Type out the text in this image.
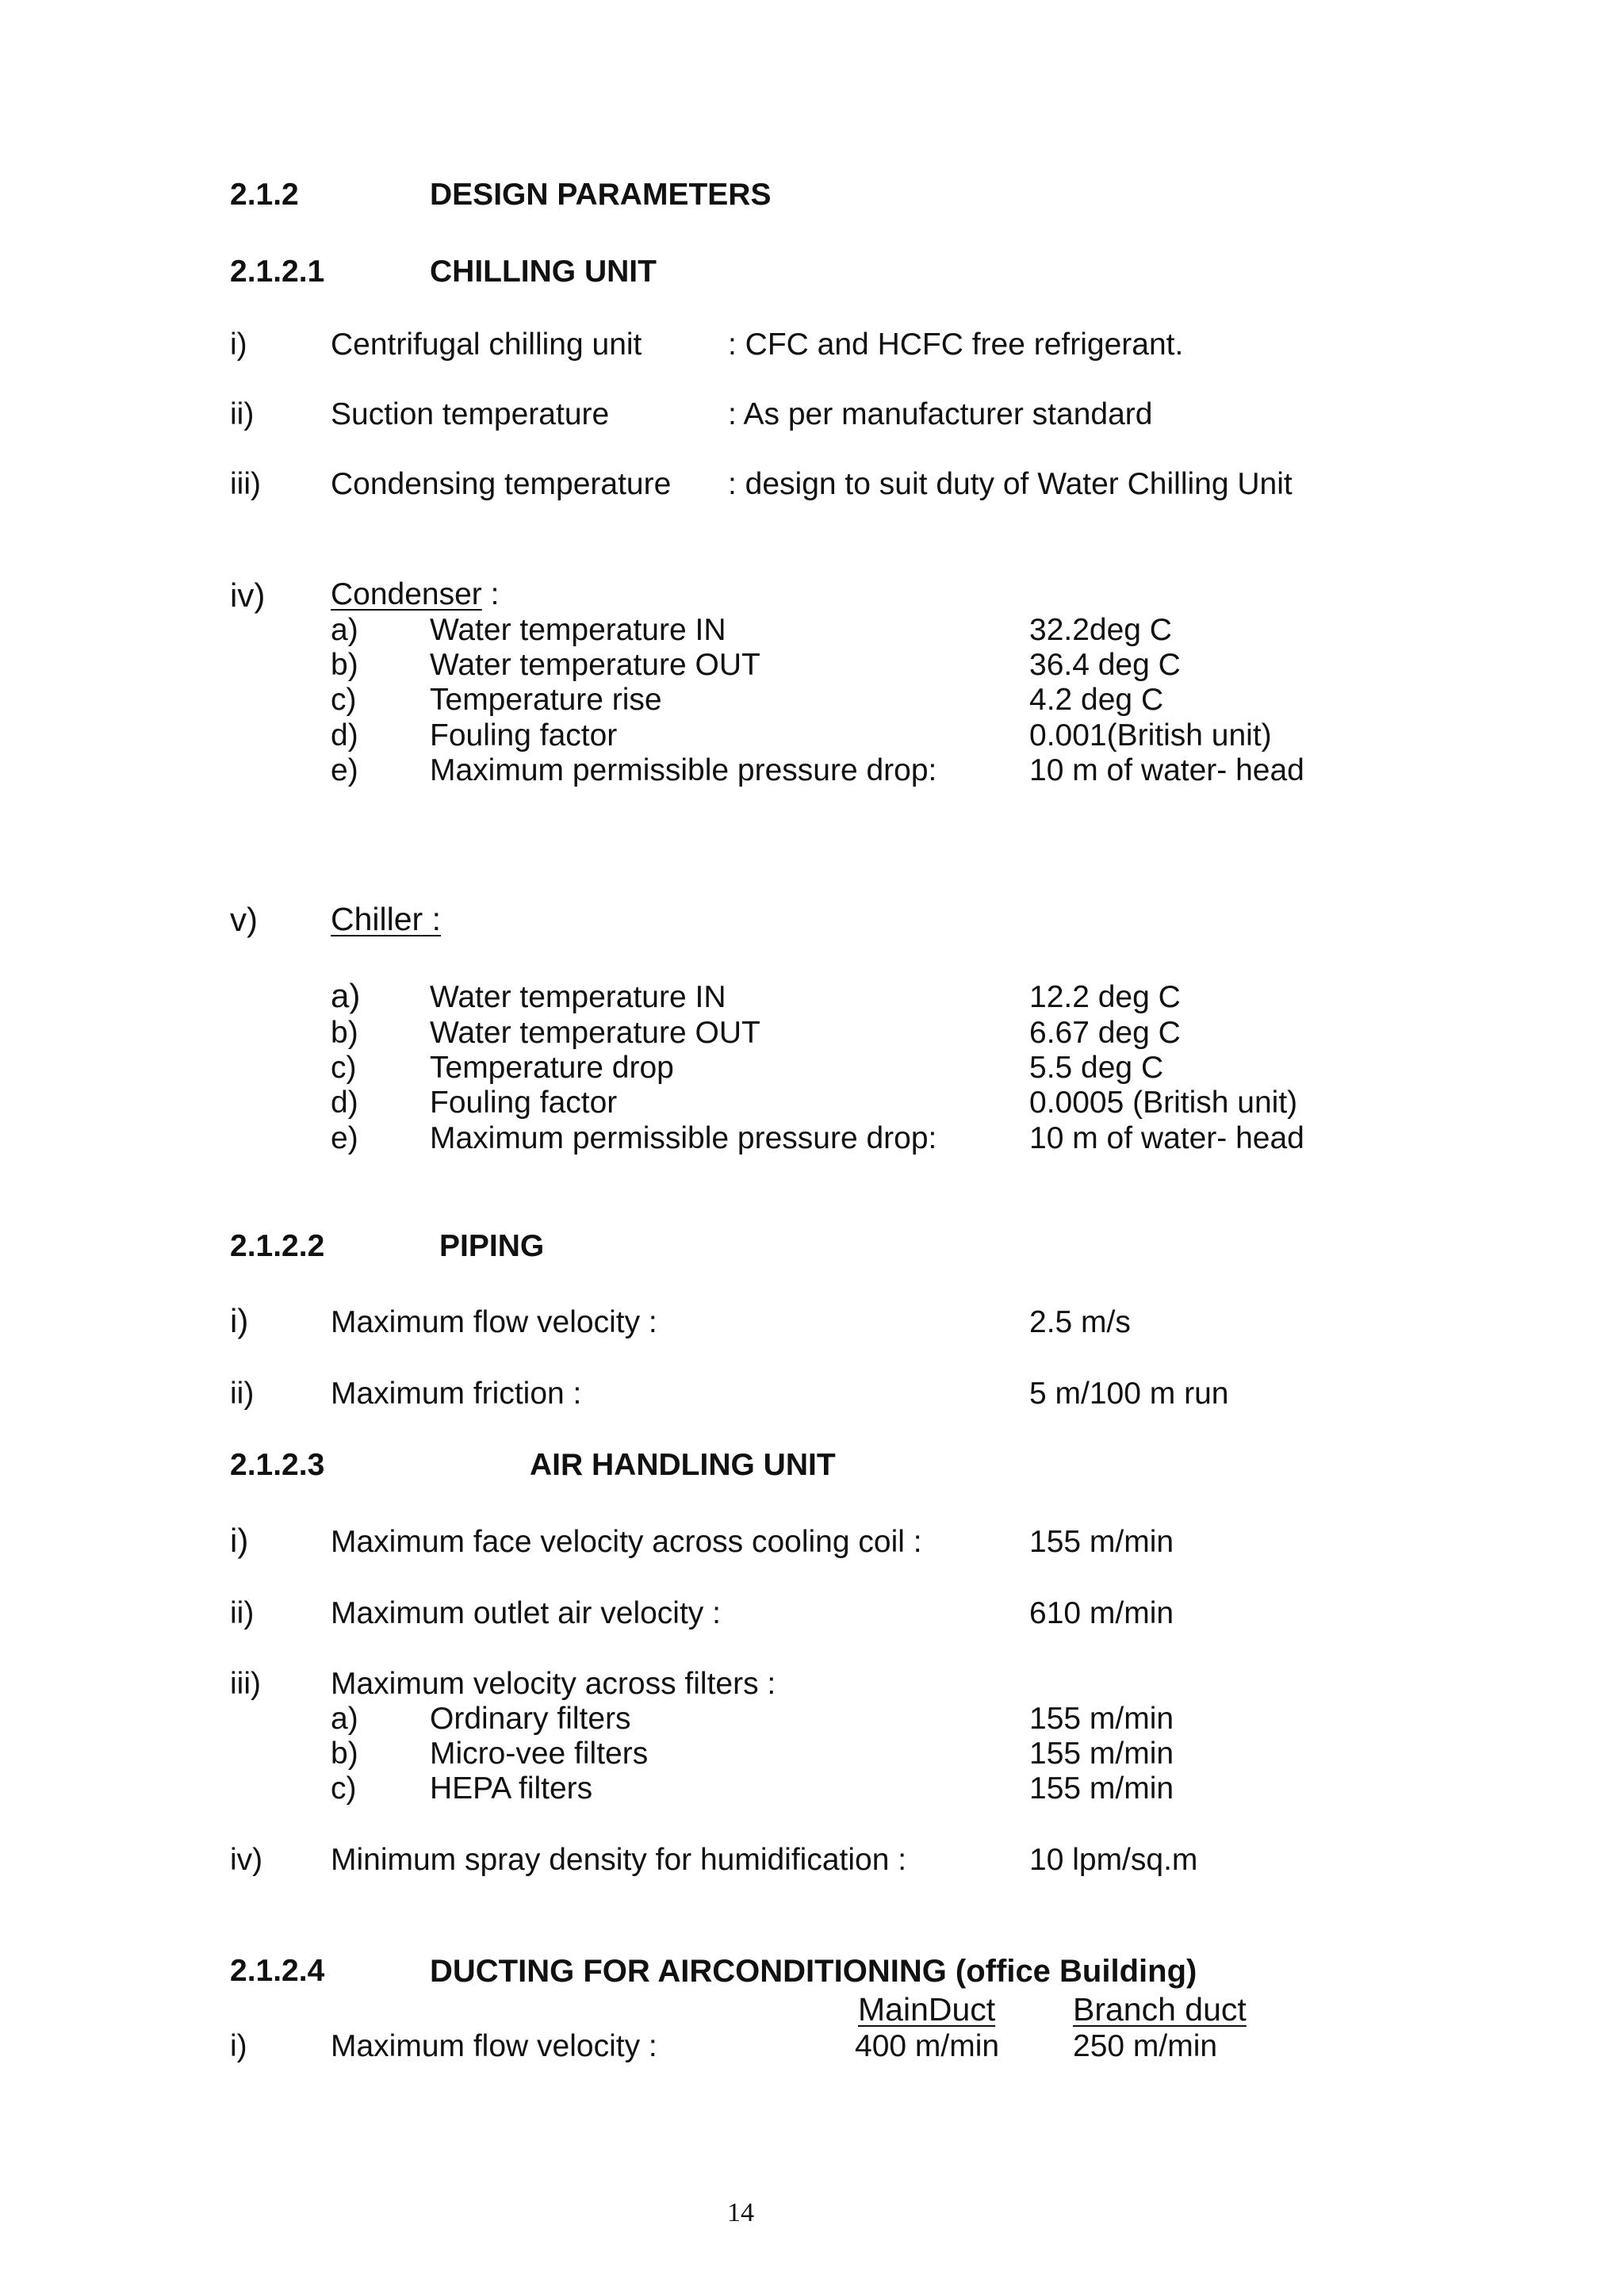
2.1.2	DESIGN PARAMETERS
2.1.2.1	CHILLING UNIT
i)	Centrifugal chilling unit	: CFC and HCFC free refrigerant.
ii) Suction temperature	: As per manufacturer standard
iii) Condensing temperature : design to suit duty of Water Chilling Unit
iv) Condenser :
a) Water temperature IN	32.2deg C
b) Water temperature OUT	36.4 deg C
c) Temperature rise	4.2 deg C
d) Fouling factor	0.001(British unit)
e) Maximum permissible pressure drop:	10 m of water- head
v) Chiller :
a) Water temperature IN	12.2 deg C
b) Water temperature OUT	6.67 deg C
c) Temperature drop	5.5 deg C
d) Fouling factor	0.0005 (British unit)
e) Maximum permissible pressure drop:	10 m of water- head
2.1.2.2	PIPING
i)	Maximum flow velocity :	2.5 m/s
ii) Maximum friction :	5 m/100 m run
2.1.2.3	AIR HANDLING UNIT
i)	Maximum face velocity across cooling coil :	155 m/min
ii) Maximum outlet air velocity :	610 m/min
iii) Maximum velocity across filters :
a) Ordinary filters	155 m/min
b) Micro-vee filters	155 m/min
c) HEPA filters	155 m/min
iv) Minimum spray density for humidification :	10 lpm/sq.m
2.1.2.4	DUCTING FOR AIRCONDITIONING (office Building)
MainDuct Branch duct
i)	Maximum flow velocity :	400 m/min 250 m/min
14
